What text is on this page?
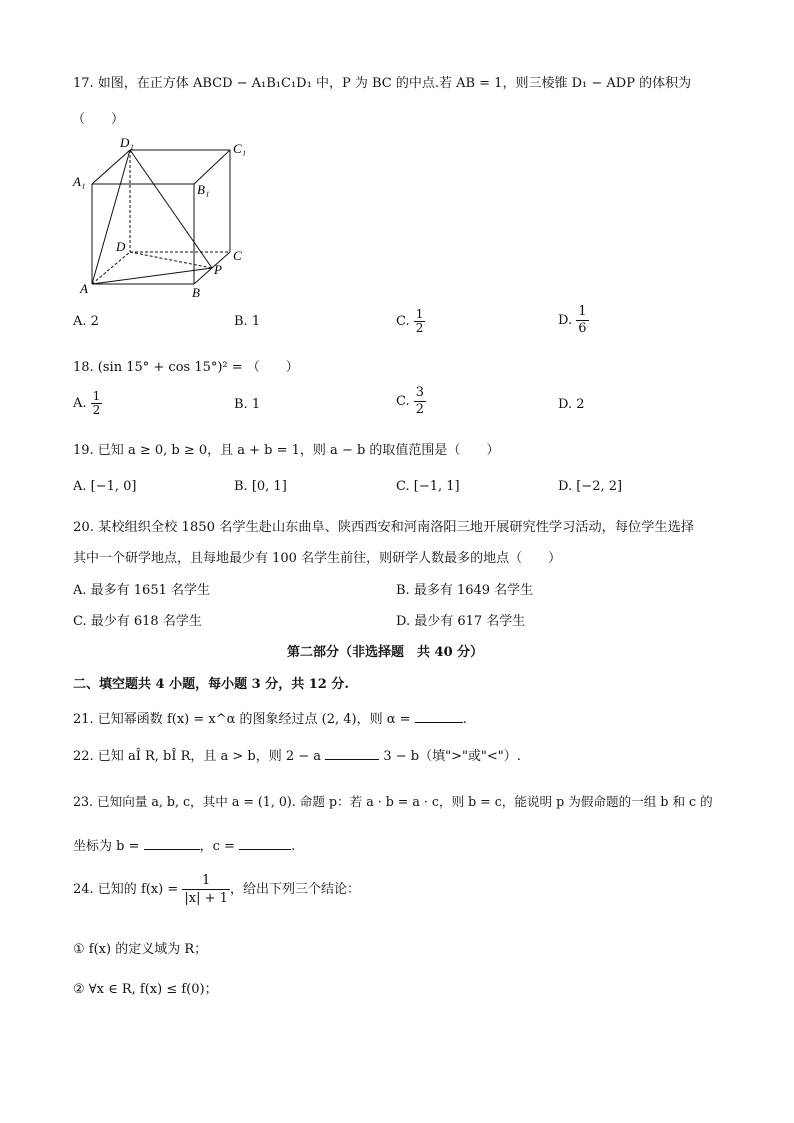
17. 如图，在正方体 ABCD − A₁B₁C₁D₁ 中，P 为 BC 的中点.若 AB = 1，则三棱锥 D₁ − ADP 的体积为
（　　）
D₁	C₁
A₁
B₁
D
C
P
A	B
A. 2	B. 1	C. $\frac{1}{2}$	D. $\frac{1}{6}$
18. (sin 15° + cos 15°)² = （　　）
A. $\frac{1}{2}$	B. 1	C. $\frac{3}{2}$	D. 2
19. 已知 a ≥ 0, b ≥ 0，且 a + b = 1，则 a − b 的取值范围是（　　）
A. [−1, 0]	B. [0, 1]	C. [−1, 1]	D. [−2, 2]
20. 某校组织全校 1850 名学生赴山东曲阜、陕西西安和河南洛阳三地开展研究性学习活动，每位学生选择
其中一个研学地点，且每地最少有 100 名学生前往，则研学人数最多的地点（　　）
A. 最多有 1651 名学生	B. 最多有 1649 名学生
C. 最少有 618 名学生	D. 最少有 617 名学生
第二部分（非选择题　共 40 分）
二、填空题共 4 小题，每小题 3 分，共 12 分.
21. 已知幂函数 f(x) = x^α 的图象经过点 (2, 4)，则 α =	.
22. 已知 aÎ R, bÎ R，且 a > b，则 2 − a	3 − b（填">"或"<"）.
23. 已知向量 a, b, c，其中 a = (1, 0). 命题 p：若 a · b = a · c，则 b = c，能说明 p 为假命题的一组 b 和 c 的
坐标为 b =	，c =	.
24. 已知的 $f(x) = \frac{1}{|x| + 1}$ ，给出下列三个结论：
① f(x) 的定义域为 R；
② ∀x ∈ R, f(x) ≤ f(0)；
